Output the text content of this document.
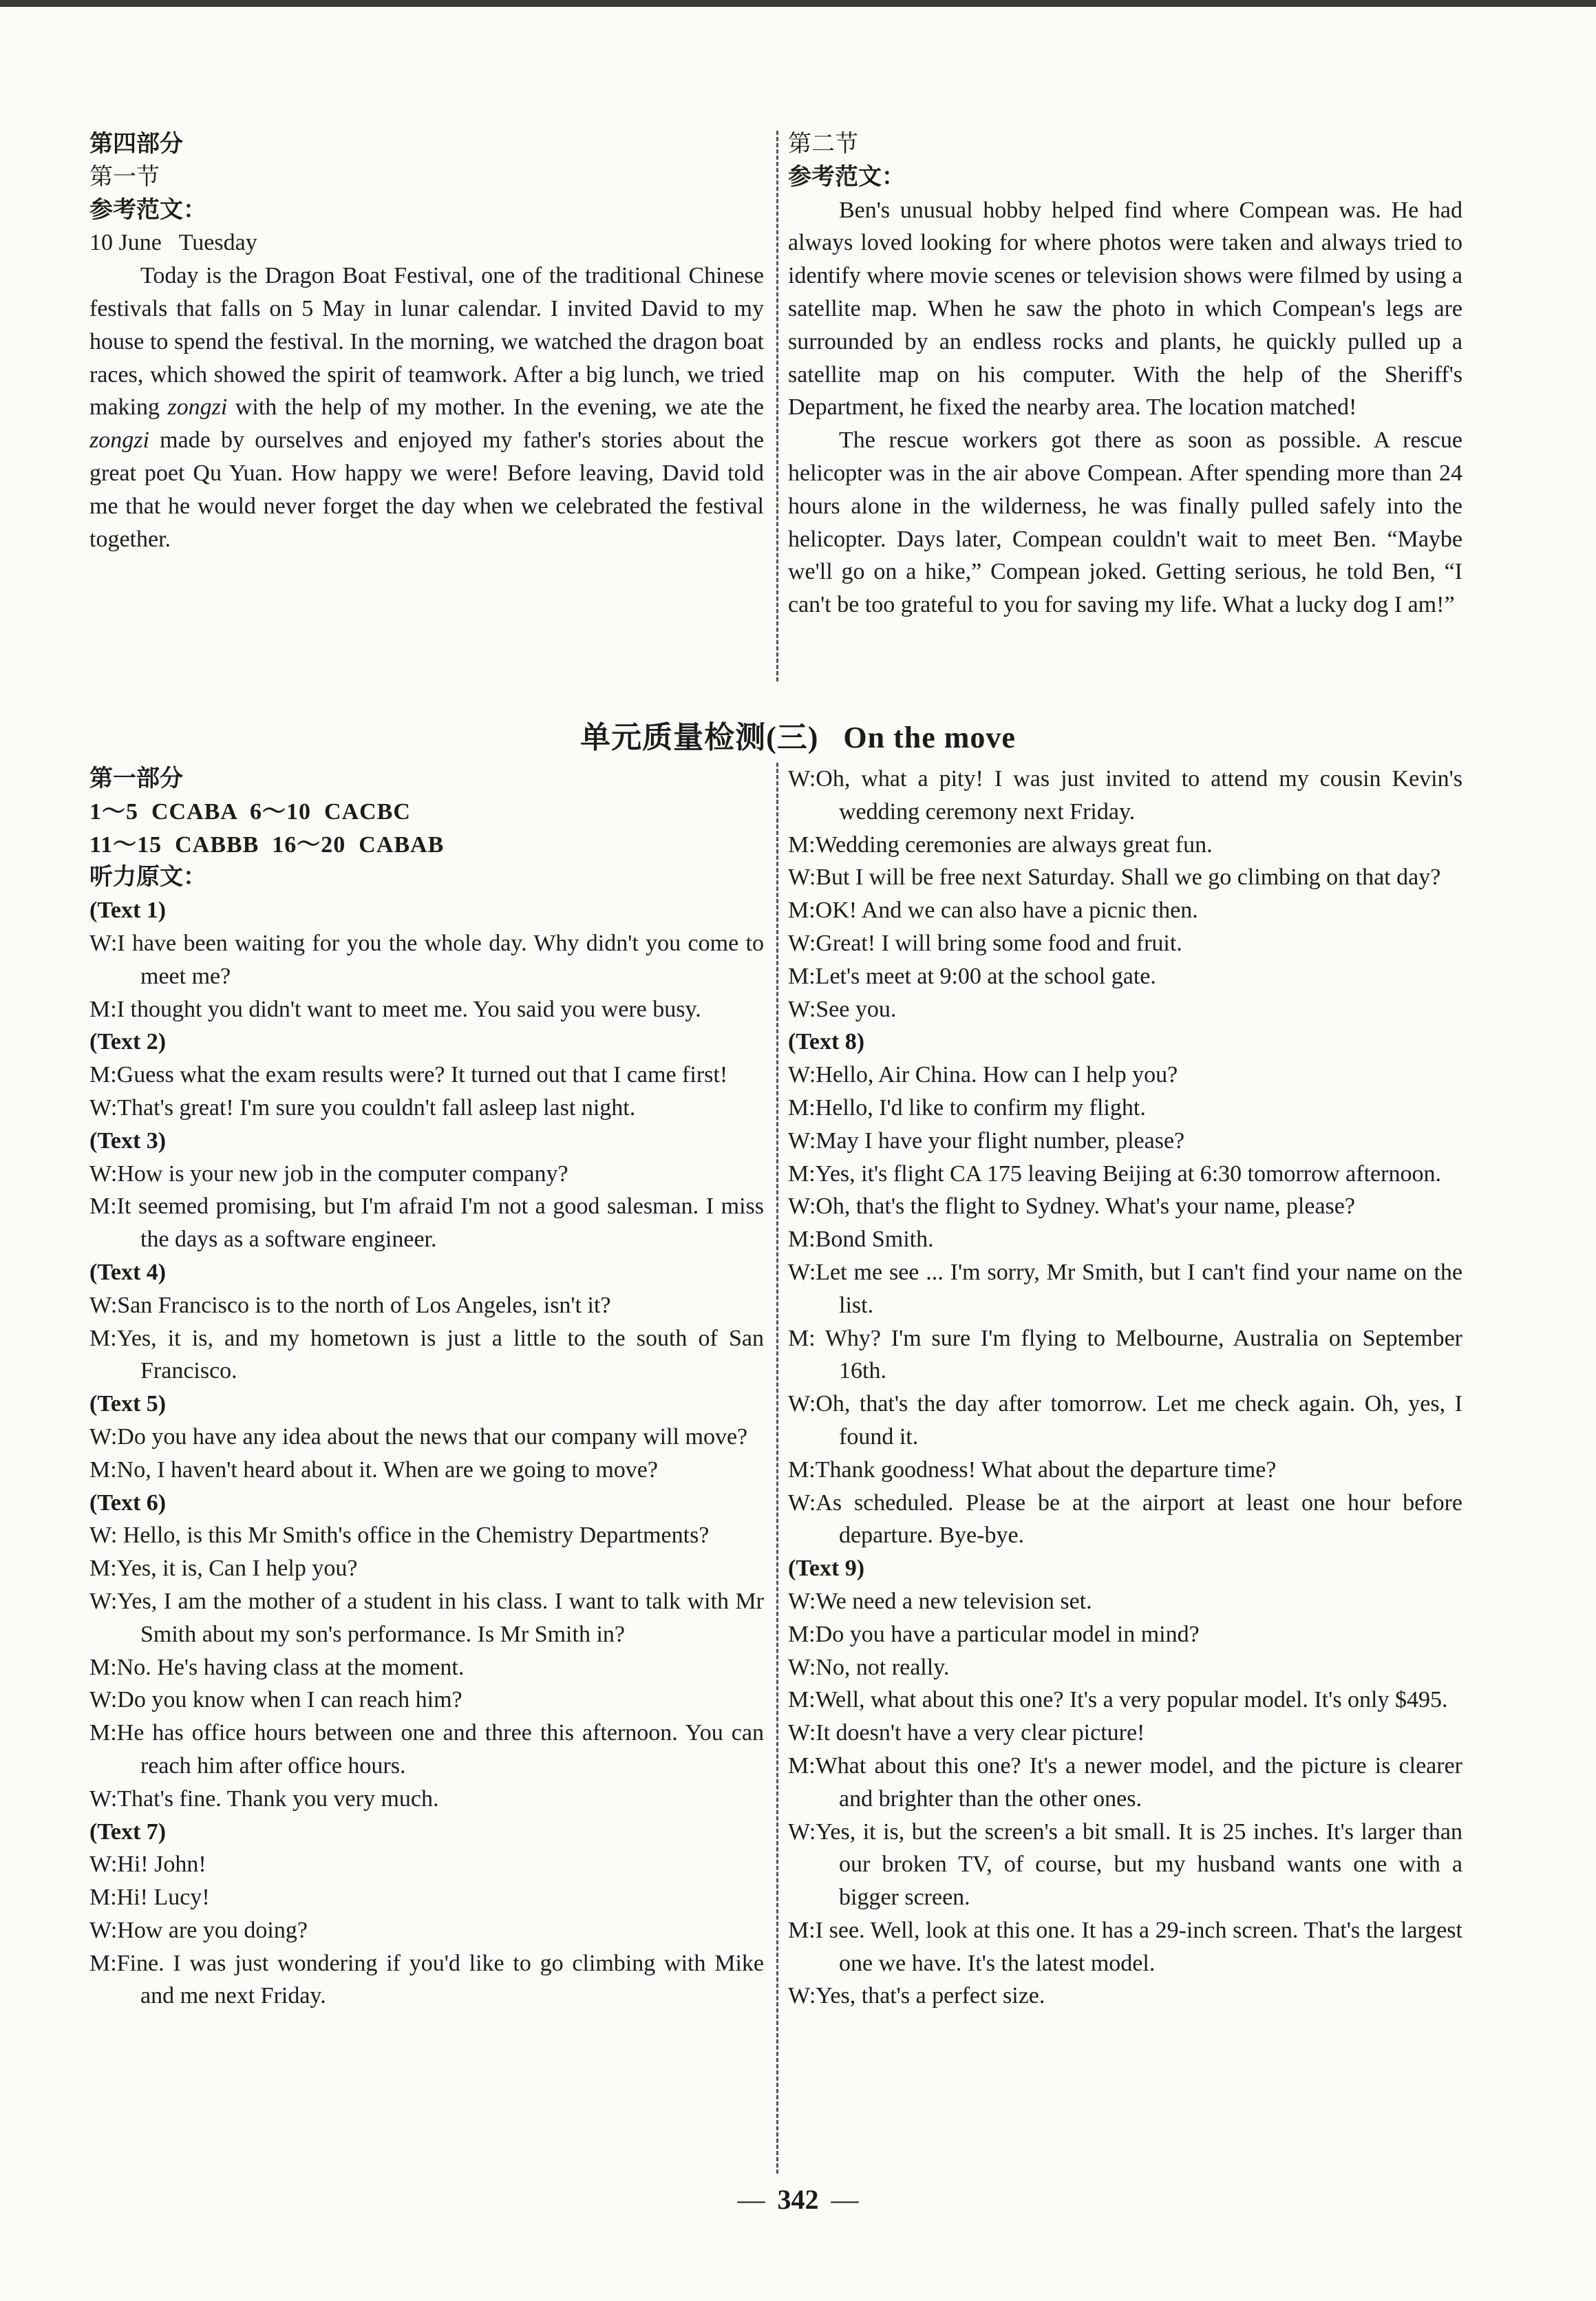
第四部分

第一节

参考范文：

10 June   Tuesday

Today is the Dragon Boat Festival, one of the traditional Chinese festivals that falls on 5 May in lunar calendar. I invited David to my house to spend the festival. In the morning, we watched the dragon boat races, which showed the spirit of teamwork. After a big lunch, we tried making zongzi with the help of my mother. In the evening, we ate the zongzi made by ourselves and enjoyed my father's stories about the great poet Qu Yuan. How happy we were! Before leaving, David told me that he would never forget the day when we celebrated the festival together.

第二节

参考范文：

Ben's unusual hobby helped find where Compean was. He had always loved looking for where photos were taken and always tried to identify where movie scenes or television shows were filmed by using a satellite map. When he saw the photo in which Compean's legs are surrounded by an endless rocks and plants, he quickly pulled up a satellite map on his computer. With the help of the Sheriff's Department, he fixed the nearby area. The location matched!

The rescue workers got there as soon as possible. A rescue helicopter was in the air above Compean. After spending more than 24 hours alone in the wilderness, he was finally pulled safely into the helicopter. Days later, Compean couldn't wait to meet Ben. “Maybe we'll go on a hike,” Compean joked. Getting serious, he told Ben, “I can't be too grateful to you for saving my life. What a lucky dog I am!”

单元质量检测(三)   On the move

第一部分

1～5  CCABA  6～10  CACBC

11～15  CABBB  16～20  CABAB

听力原文：

(Text 1)

W:I have been waiting for you the whole day. Why didn't you come to meet me?

M:I thought you didn't want to meet me. You said you were busy.

(Text 2)

M:Guess what the exam results were? It turned out that I came first!

W:That's great! I'm sure you couldn't fall asleep last night.

(Text 3)

W:How is your new job in the computer company?

M:It seemed promising, but I'm afraid I'm not a good salesman. I miss the days as a software engineer.

(Text 4)

W:San Francisco is to the north of Los Angeles, isn't it?

M:Yes, it is, and my hometown is just a little to the south of San Francisco.

(Text 5)

W:Do you have any idea about the news that our company will move?

M:No, I haven't heard about it. When are we going to move?

(Text 6)

W: Hello, is this Mr Smith's office in the Chemistry Departments?

M:Yes, it is, Can I help you?

W:Yes, I am the mother of a student in his class. I want to talk with Mr Smith about my son's performance. Is Mr Smith in?

M:No. He's having class at the moment.

W:Do you know when I can reach him?

M:He has office hours between one and three this afternoon. You can reach him after office hours.

W:That's fine. Thank you very much.

(Text 7)

W:Hi! John!

M:Hi! Lucy!

W:How are you doing?

M:Fine. I was just wondering if you'd like to go climbing with Mike and me next Friday.

W:Oh, what a pity! I was just invited to attend my cousin Kevin's wedding ceremony next Friday.

M:Wedding ceremonies are always great fun.

W:But I will be free next Saturday. Shall we go climbing on that day?

M:OK! And we can also have a picnic then.

W:Great! I will bring some food and fruit.

M:Let's meet at 9:00 at the school gate.

W:See you.

(Text 8)

W:Hello, Air China. How can I help you?

M:Hello, I'd like to confirm my flight.

W:May I have your flight number, please?

M:Yes, it's flight CA 175 leaving Beijing at 6:30 tomorrow afternoon.

W:Oh, that's the flight to Sydney. What's your name, please?

M:Bond Smith.

W:Let me see ... I'm sorry, Mr Smith, but I can't find your name on the list.

M: Why? I'm sure I'm flying to Melbourne, Australia on September 16th.

W:Oh, that's the day after tomorrow. Let me check again. Oh, yes, I found it.

M:Thank goodness! What about the departure time?

W:As scheduled. Please be at the airport at least one hour before departure. Bye-bye.

(Text 9)

W:We need a new television set.

M:Do you have a particular model in mind?

W:No, not really.

M:Well, what about this one? It's a very popular model. It's only $495.

W:It doesn't have a very clear picture!

M:What about this one? It's a newer model, and the picture is clearer and brighter than the other ones.

W:Yes, it is, but the screen's a bit small. It is 25 inches. It's larger than our broken TV, of course, but my husband wants one with a bigger screen.

M:I see. Well, look at this one. It has a 29-inch screen. That's the largest one we have. It's the latest model.

W:Yes, that's a perfect size.

— 342 —
